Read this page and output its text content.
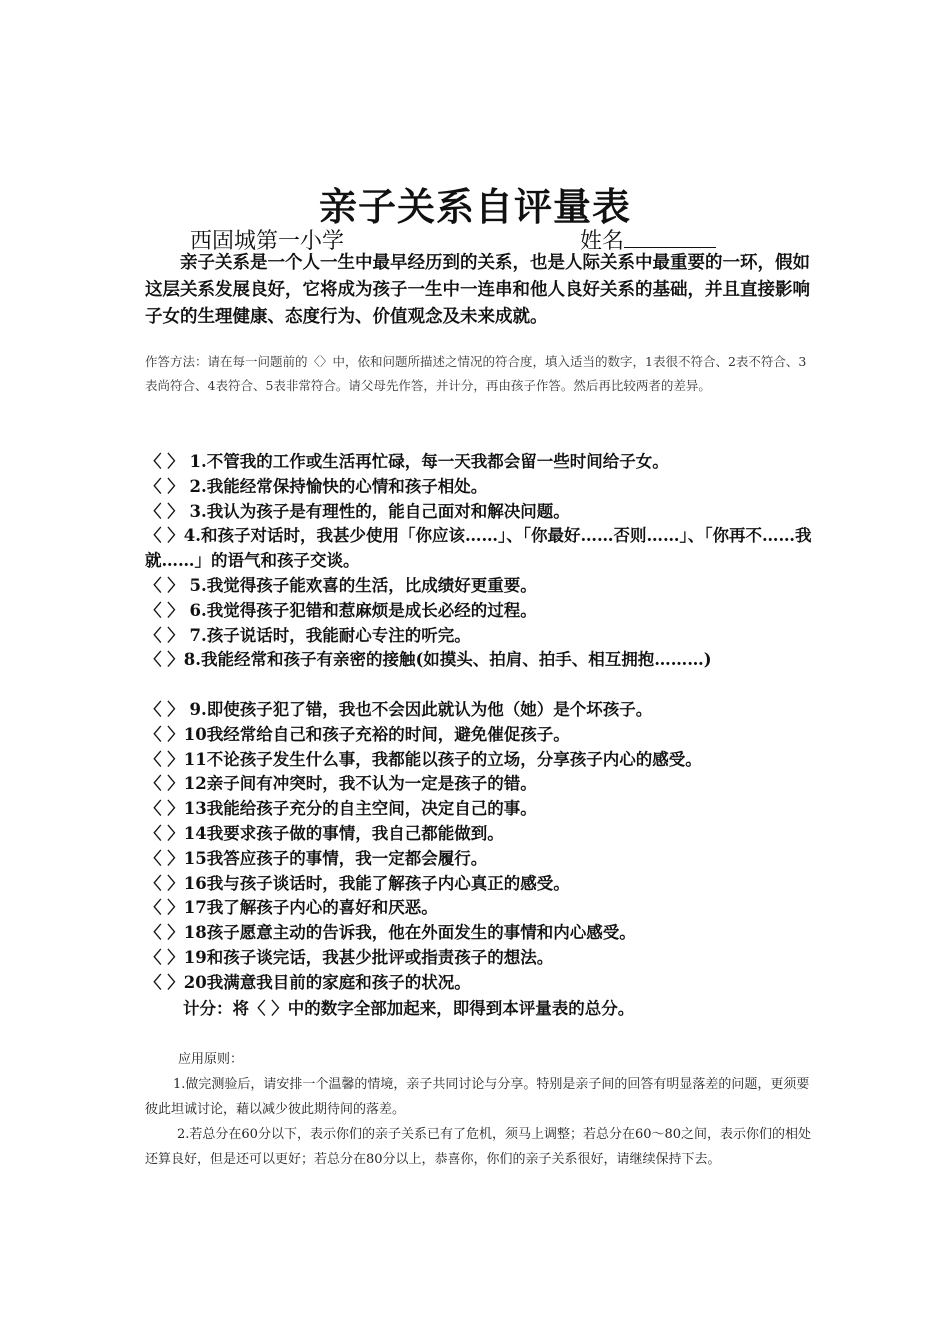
亲子关系自评量表
西固城第一小学	姓名

亲子关系是一个人一生中最早经历到的关系，也是人际关系中最重要的一环，假如这层关系发展良好，它将成为孩子一生中一连串和他人良好关系的基础，并且直接影响子女的生理健康、态度行为、价值观念及未来成就。

作答方法：请在每一问题前的〈〉中，依和问题所描述之情况的符合度，填入适当的数字，1表很不符合、2表不符合、3表尚符合、4表符合、5表非常符合。请父母先作答，并计分，再由孩子作答。然后再比较两者的差异。
〈 〉 1.不管我的工作或生活再忙碌，每一天我都会留一些时间给子女。
〈 〉 2.我能经常保持愉快的心情和孩子相处。
〈 〉 3.我认为孩子是有理性的，能自己面对和解决问题。
〈 〉4.和孩子对话时，我甚少使用「你应该……」、「你最好……否则……」、「你再不……我就……」的语气和孩子交谈。
〈 〉 5.我觉得孩子能欢喜的生活，比成绩好更重要。
〈 〉 6.我觉得孩子犯错和惹麻烦是成长必经的过程。
〈 〉 7.孩子说话时，我能耐心专注的听完。
〈 〉8.我能经常和孩子有亲密的接触(如摸头、拍肩、拍手、相互拥抱………)
〈 〉 9.即使孩子犯了错，我也不会因此就认为他（她）是个坏孩子。
〈 〉10我经常给自己和孩子充裕的时间，避免催促孩子。
〈 〉11不论孩子发生什么事，我都能以孩子的立场，分享孩子内心的感受。
〈 〉12亲子间有冲突时，我不认为一定是孩子的错。
〈 〉13我能给孩子充分的自主空间，决定自己的事。
〈 〉14我要求孩子做的事情，我自己都能做到。
〈 〉15我答应孩子的事情，我一定都会履行。
〈 〉16我与孩子谈话时，我能了解孩子内心真正的感受。
〈 〉17我了解孩子内心的喜好和厌恶。
〈 〉18孩子愿意主动的告诉我，他在外面发生的事情和内心感受。
〈 〉19和孩子谈完话，我甚少批评或指责孩子的想法。
〈 〉20我满意我目前的家庭和孩子的状况。
计分：将〈 〉中的数字全部加起来，即得到本评量表的总分。

应用原则：

1.做完测验后，请安排一个温馨的情境，亲子共同讨论与分享。特别是亲子间的回答有明显落差的问题，更须要彼此坦诚讨论，藉以减少彼此期待间的落差。

2.若总分在60分以下，表示你们的亲子关系已有了危机，须马上调整；若总分在60～80之间，表示你们的相处还算良好，但是还可以更好；若总分在80分以上，恭喜你，你们的亲子关系很好，请继续保持下去。
